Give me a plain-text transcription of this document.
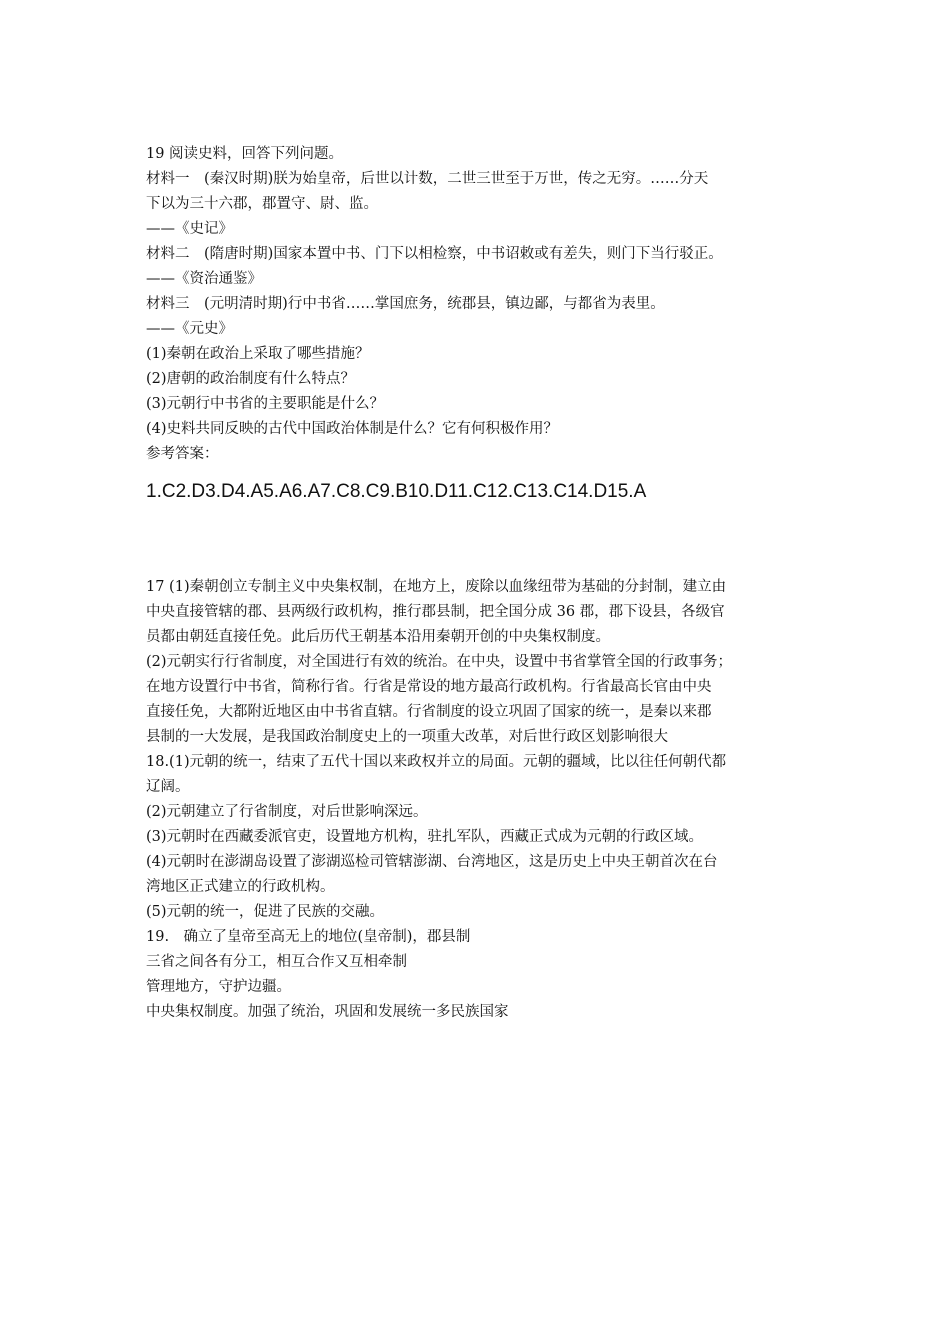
19 阅读史料，回答下列问题。
材料一　(秦汉时期)朕为始皇帝，后世以计数，二世三世至于万世，传之无穷。……分天
下以为三十六郡，郡置守、尉、监。
——《史记》
材料二　(隋唐时期)国家本置中书、门下以相检察，中书诏敕或有差失，则门下当行驳正。
——《资治通鉴》
材料三　(元明清时期)行中书省……掌国庶务，统郡县，镇边鄙，与都省为表里。
——《元史》
(1)秦朝在政治上采取了哪些措施？
(2)唐朝的政治制度有什么特点？
(3)元朝行中书省的主要职能是什么？
(4)史料共同反映的古代中国政治体制是什么？它有何积极作用？
参考答案：
1.C2.D3.D4.A5.A6.A7.C8.C9.B10.D11.C12.C13.C14.D15.A
17 (1)秦朝创立专制主义中央集权制，在地方上，废除以血缘纽带为基础的分封制，建立由
中央直接管辖的郡、县两级行政机构，推行郡县制，把全国分成 36 郡，郡下设县，各级官
员都由朝廷直接任免。此后历代王朝基本沿用秦朝开创的中央集权制度。
(2)元朝实行行省制度，对全国进行有效的统治。在中央，设置中书省掌管全国的行政事务；
在地方设置行中书省，简称行省。行省是常设的地方最高行政机构。行省最高长官由中央
直接任免，大都附近地区由中书省直辖。行省制度的设立巩固了国家的统一，是秦以来郡
县制的一大发展，是我国政治制度史上的一项重大改革，对后世行政区划影响很大
18.(1)元朝的统一，结束了五代十国以来政权并立的局面。元朝的疆域，比以往任何朝代都
辽阔。
(2)元朝建立了行省制度，对后世影响深远。
(3)元朝时在西藏委派官吏，设置地方机构，驻扎军队，西藏正式成为元朝的行政区域。
(4)元朝时在澎湖岛设置了澎湖巡检司管辖澎湖、台湾地区，这是历史上中央王朝首次在台
湾地区正式建立的行政机构。
(5)元朝的统一，促进了民族的交融。
19.　确立了皇帝至高无上的地位(皇帝制)，郡县制
三省之间各有分工，相互合作又互相牵制
管理地方，守护边疆。
中央集权制度。加强了统治，巩固和发展统一多民族国家
